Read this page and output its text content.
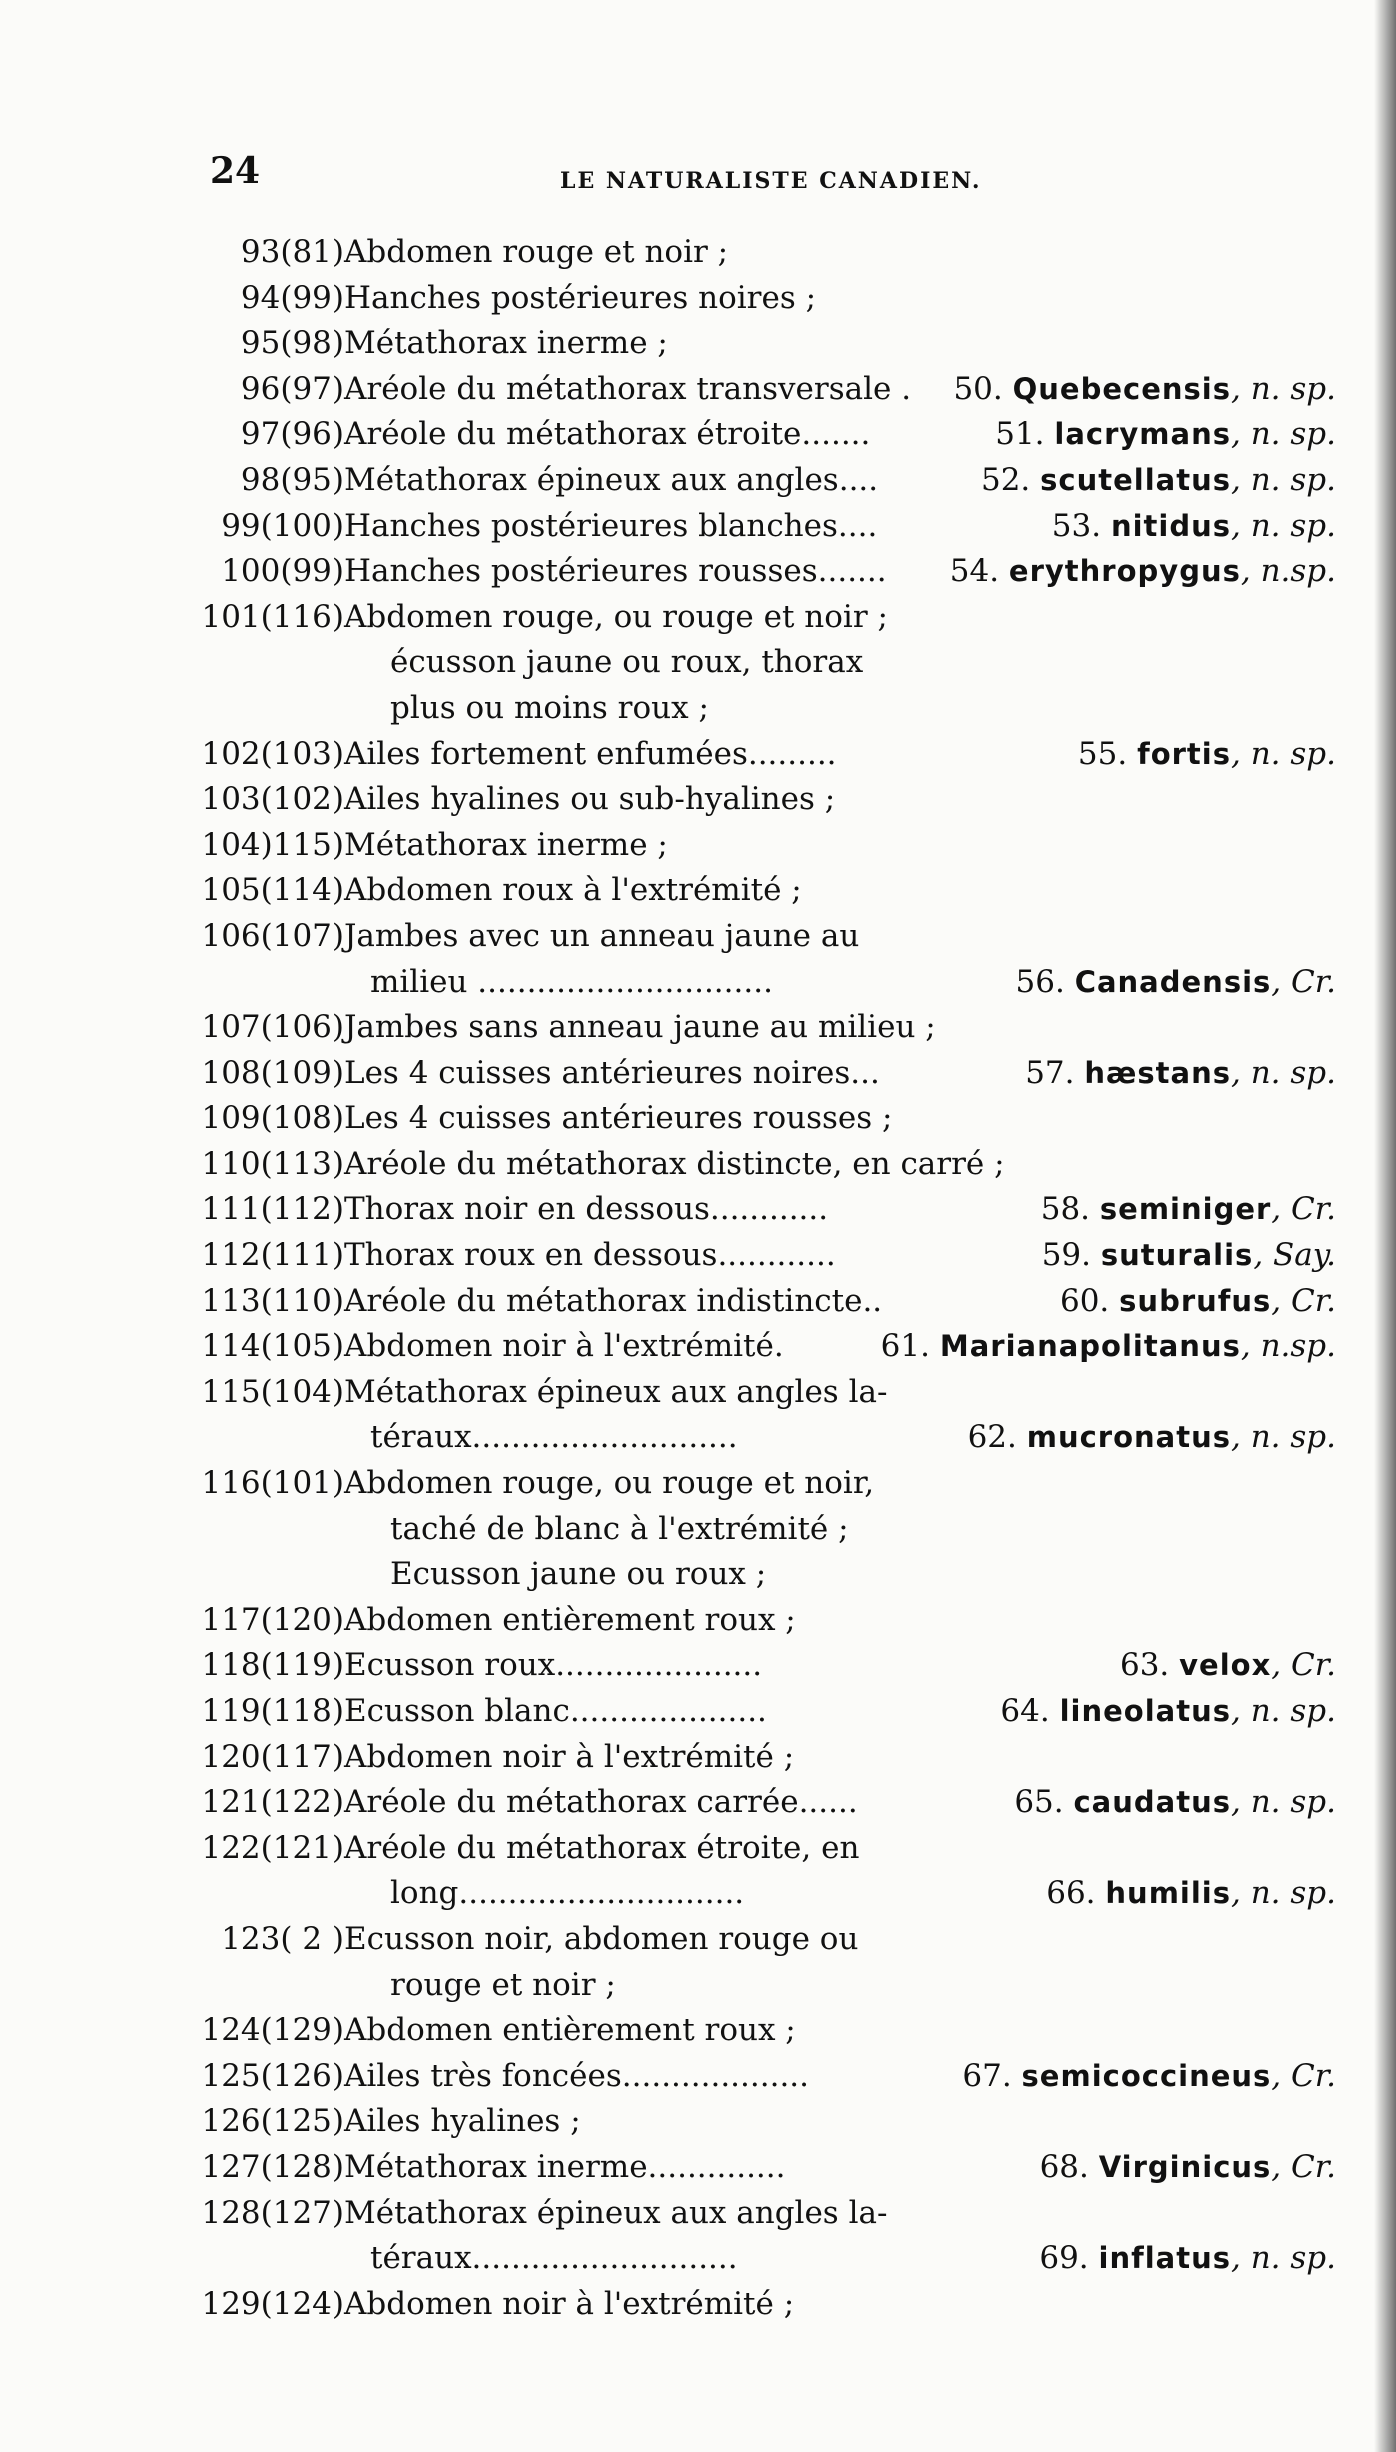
24	LE NATURALISTE CANADIEN.
93(81) Abdomen rouge et noir ;
94(99) Hanches postérieures noires ;
95(98) Métathorax inerme ;
96(97) Aréole du métathorax transversale . 50. Quebecensis, n. sp.
97(96) Aréole du métathorax étroite.......	51. lacrymans, n. sp.
98(95) Métathorax épineux aux angles....	52. scutellatus, n. sp.
99(100) Hanches postérieures blanches....	53. nitidus, n. sp.
100(99) Hanches postérieures rousses....... 54. erythropygus, n.sp.
101(116) Abdomen rouge, ou rouge et noir ;
écusson jaune ou roux, thorax
plus ou moins roux ;
102(103) Ailes fortement enfumées.........	55. fortis, n. sp.
103(102) Ailes hyalines ou sub-hyalines ;
104)115) Métathorax inerme ;
105(114) Abdomen roux à l'extrémité ;
106(107) Jambes avec un anneau jaune au
milieu ..............................	56. Canadensis, Cr.
107(106) Jambes sans anneau jaune au milieu ;
108(109) Les 4 cuisses antérieures noires...	57. hæstans, n. sp.
109(108) Les 4 cuisses antérieures rousses ;
110(113) Aréole du métathorax distincte, en carré ;
111(112) Thorax noir en dessous............	58. seminiger, Cr.
112(111) Thorax roux en dessous............	59. suturalis, Say.
113(110) Aréole du métathorax indistincte..	60. subrufus, Cr.
114(105) Abdomen noir à l'extrémité.	61. Marianapolitanus, n.sp.
115(104) Métathorax épineux aux angles la-
téraux...........................	62. mucronatus, n. sp.
116(101) Abdomen rouge, ou rouge et noir,
taché de blanc à l'extrémité ;
Ecusson jaune ou roux ;
117(120) Abdomen entièrement roux ;
118(119) Ecusson roux.....................	63. velox, Cr.
119(118) Ecusson blanc....................	64. lineolatus, n. sp.
120(117) Abdomen noir à l'extrémité ;
121(122) Aréole du métathorax carrée......	65. caudatus, n. sp.
122(121) Aréole du métathorax étroite, en
long.............................	66. humilis, n. sp.
123( 2 ) Ecusson noir, abdomen rouge ou
rouge et noir ;
124(129) Abdomen entièrement roux ;
125(126) Ailes très foncées...................	67. semicoccineus, Cr.
126(125) Ailes hyalines ;
127(128) Métathorax inerme..............	68. Virginicus, Cr.
128(127) Métathorax épineux aux angles la-
téraux...........................	69. inflatus, n. sp.
129(124) Abdomen noir à l'extrémité ;
